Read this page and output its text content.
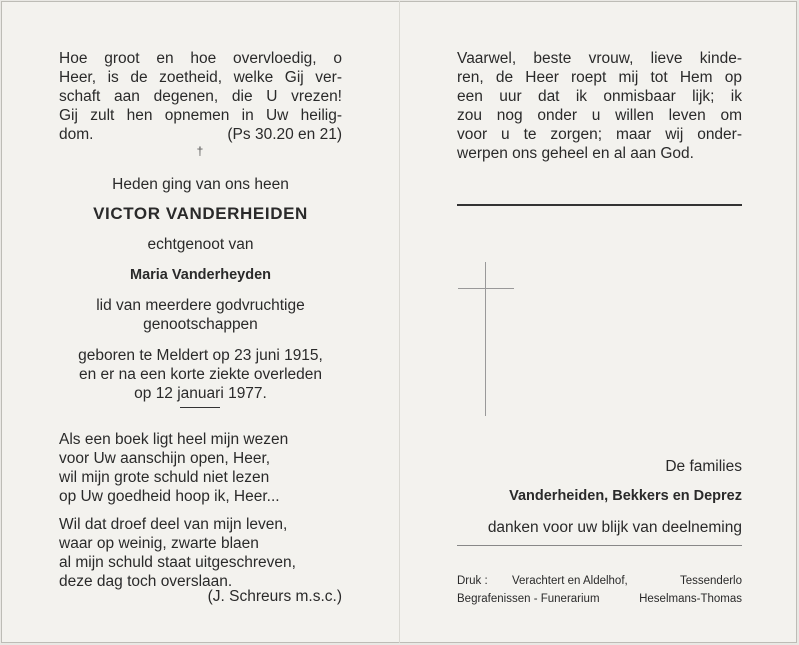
Hoe groot en hoe overvloedig, o
Heer, is de zoetheid, welke Gij ver-
schaft aan degenen, die U vrezen!
Gij zult hen opnemen in Uw heilig-
dom.	(Ps 30.20 en 21)
†
Heden ging van ons heen
VICTOR VANDERHEIDEN
echtgenoot van
Maria Vanderheyden
lid van meerdere godvruchtige
genootschappen
geboren te Meldert op 23 juni 1915,
en er na een korte ziekte overleden
op 12 januari 1977.
Als een boek ligt heel mijn wezen
voor Uw aanschijn open, Heer,
wil mijn grote schuld niet lezen
op Uw goedheid hoop ik, Heer...
Wil dat droef deel van mijn leven,
waar op weinig, zwarte blaen
al mijn schuld staat uitgeschreven,
deze dag toch overslaan.
(J. Schreurs m.s.c.)
Vaarwel, beste vrouw, lieve kinde-
ren, de Heer roept mij tot Hem op
een uur dat ik onmisbaar lijk; ik
zou nog onder u willen leven om
voor u te zorgen; maar wij onder-
werpen ons geheel en al aan God.
De families
Vanderheiden, Bekkers en Deprez
danken voor uw blijk van deelneming
Druk : Verachtert en Aldelhof,	Tessenderlo
Begrafenissen - Funerarium	Heselmans-Thomas
